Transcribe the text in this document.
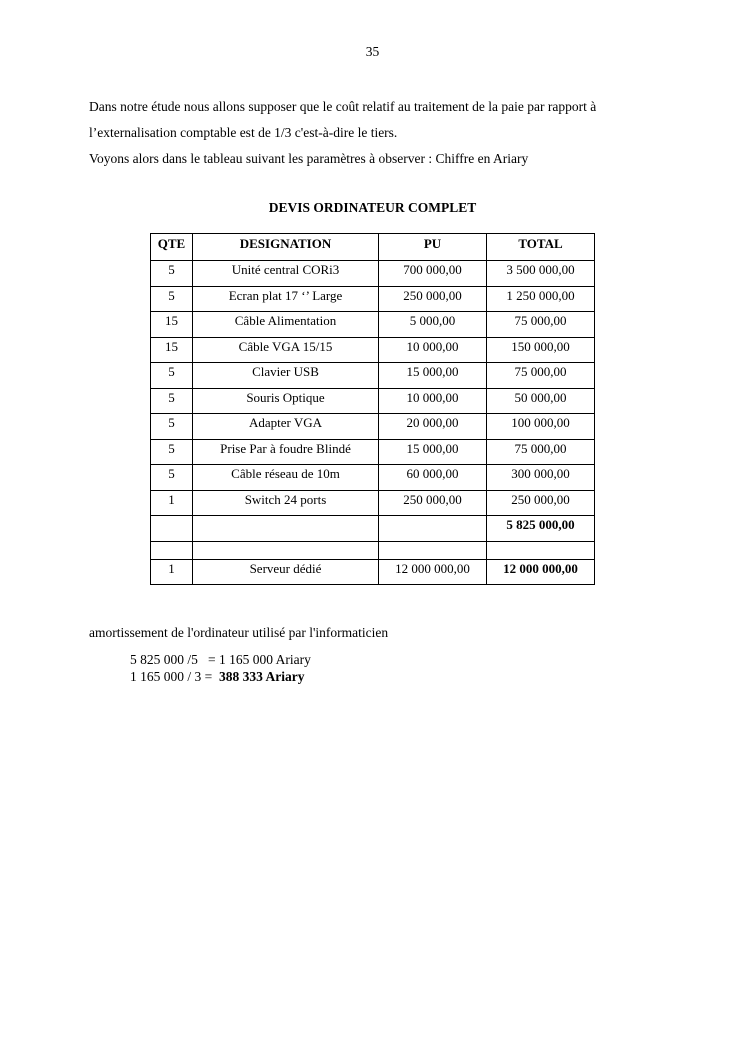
35

Dans notre étude nous allons supposer que le coût relatif au traitement de la paie par rapport à

l’externalisation comptable est de 1/3 c'est-à-dire le tiers.

Voyons alors dans le tableau suivant les paramètres à observer : Chiffre en Ariary

DEVIS ORDINATEUR COMPLET
QTE	DESIGNATION	PU	TOTAL
5	Unité central CORi3	700 000,00	3 500 000,00
5	Ecran plat 17 ‘’ Large	250 000,00	1 250 000,00
15	Câble Alimentation	5 000,00	75 000,00
15	Câble VGA 15/15	10 000,00	150 000,00
5	Clavier USB	15 000,00	75 000,00
5	Souris Optique	10 000,00	50 000,00
5	Adapter VGA	20 000,00	100 000,00
5	Prise Par à foudre Blindé	15 000,00	75 000,00
5	Câble réseau de 10m	60 000,00	300 000,00
1	Switch 24 ports	250 000,00	250 000,00
			5 825 000,00

1	Serveur dédié	12 000 000,00	12 000 000,00

amortissement de l'ordinateur utilisé par l'informaticien

5 825 000 /5   = 1 165 000 Ariary

1 165 000 / 3 =  388 333 Ariary
